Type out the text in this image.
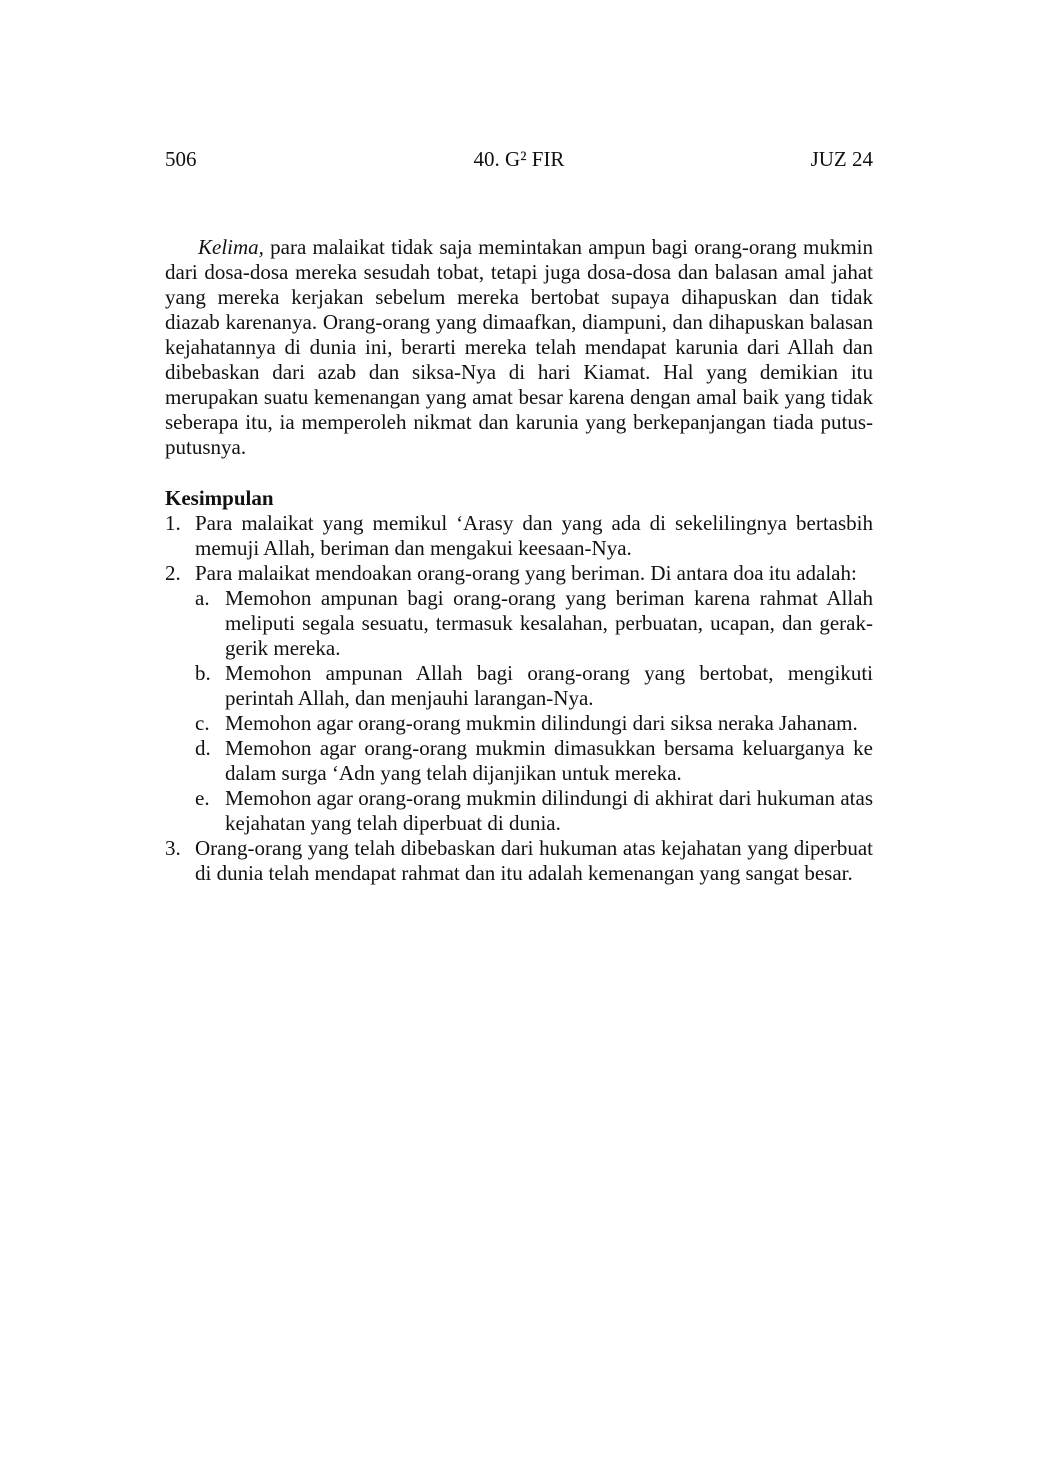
506	40. G² FIR	JUZ 24

Kelima, para malaikat tidak saja memintakan ampun bagi orang-orang mukmin dari dosa-dosa mereka sesudah tobat, tetapi juga dosa-dosa dan balasan amal jahat yang mereka kerjakan sebelum mereka bertobat supaya dihapuskan dan tidak diazab karenanya. Orang-orang yang dimaafkan, diampuni, dan dihapuskan balasan kejahatannya di dunia ini, berarti mereka telah mendapat karunia dari Allah dan dibebaskan dari azab dan siksa-Nya di hari Kiamat. Hal yang demikian itu merupakan suatu kemenangan yang amat besar karena dengan amal baik yang tidak seberapa itu, ia memperoleh nikmat dan karunia yang berkepanjangan tiada putus-putusnya.

Kesimpulan
1. Para malaikat yang memikul ‘Arasy dan yang ada di sekelilingnya bertasbih memuji Allah, beriman dan mengakui keesaan-Nya.
2. Para malaikat mendoakan orang-orang yang beriman. Di antara doa itu adalah:
a. Memohon ampunan bagi orang-orang yang beriman karena rahmat Allah meliputi segala sesuatu, termasuk kesalahan, perbuatan, ucapan, dan gerak-gerik mereka.
b. Memohon ampunan Allah bagi orang-orang yang bertobat, mengikuti perintah Allah, dan menjauhi larangan-Nya.
c. Memohon agar orang-orang mukmin dilindungi dari siksa neraka Jahanam.
d. Memohon agar orang-orang mukmin dimasukkan bersama keluarganya ke dalam surga ‘Adn yang telah dijanjikan untuk mereka.
e. Memohon agar orang-orang mukmin dilindungi di akhirat dari hukuman atas kejahatan yang telah diperbuat di dunia.
3. Orang-orang yang telah dibebaskan dari hukuman atas kejahatan yang diperbuat di dunia telah mendapat rahmat dan itu adalah kemenangan yang sangat besar.
